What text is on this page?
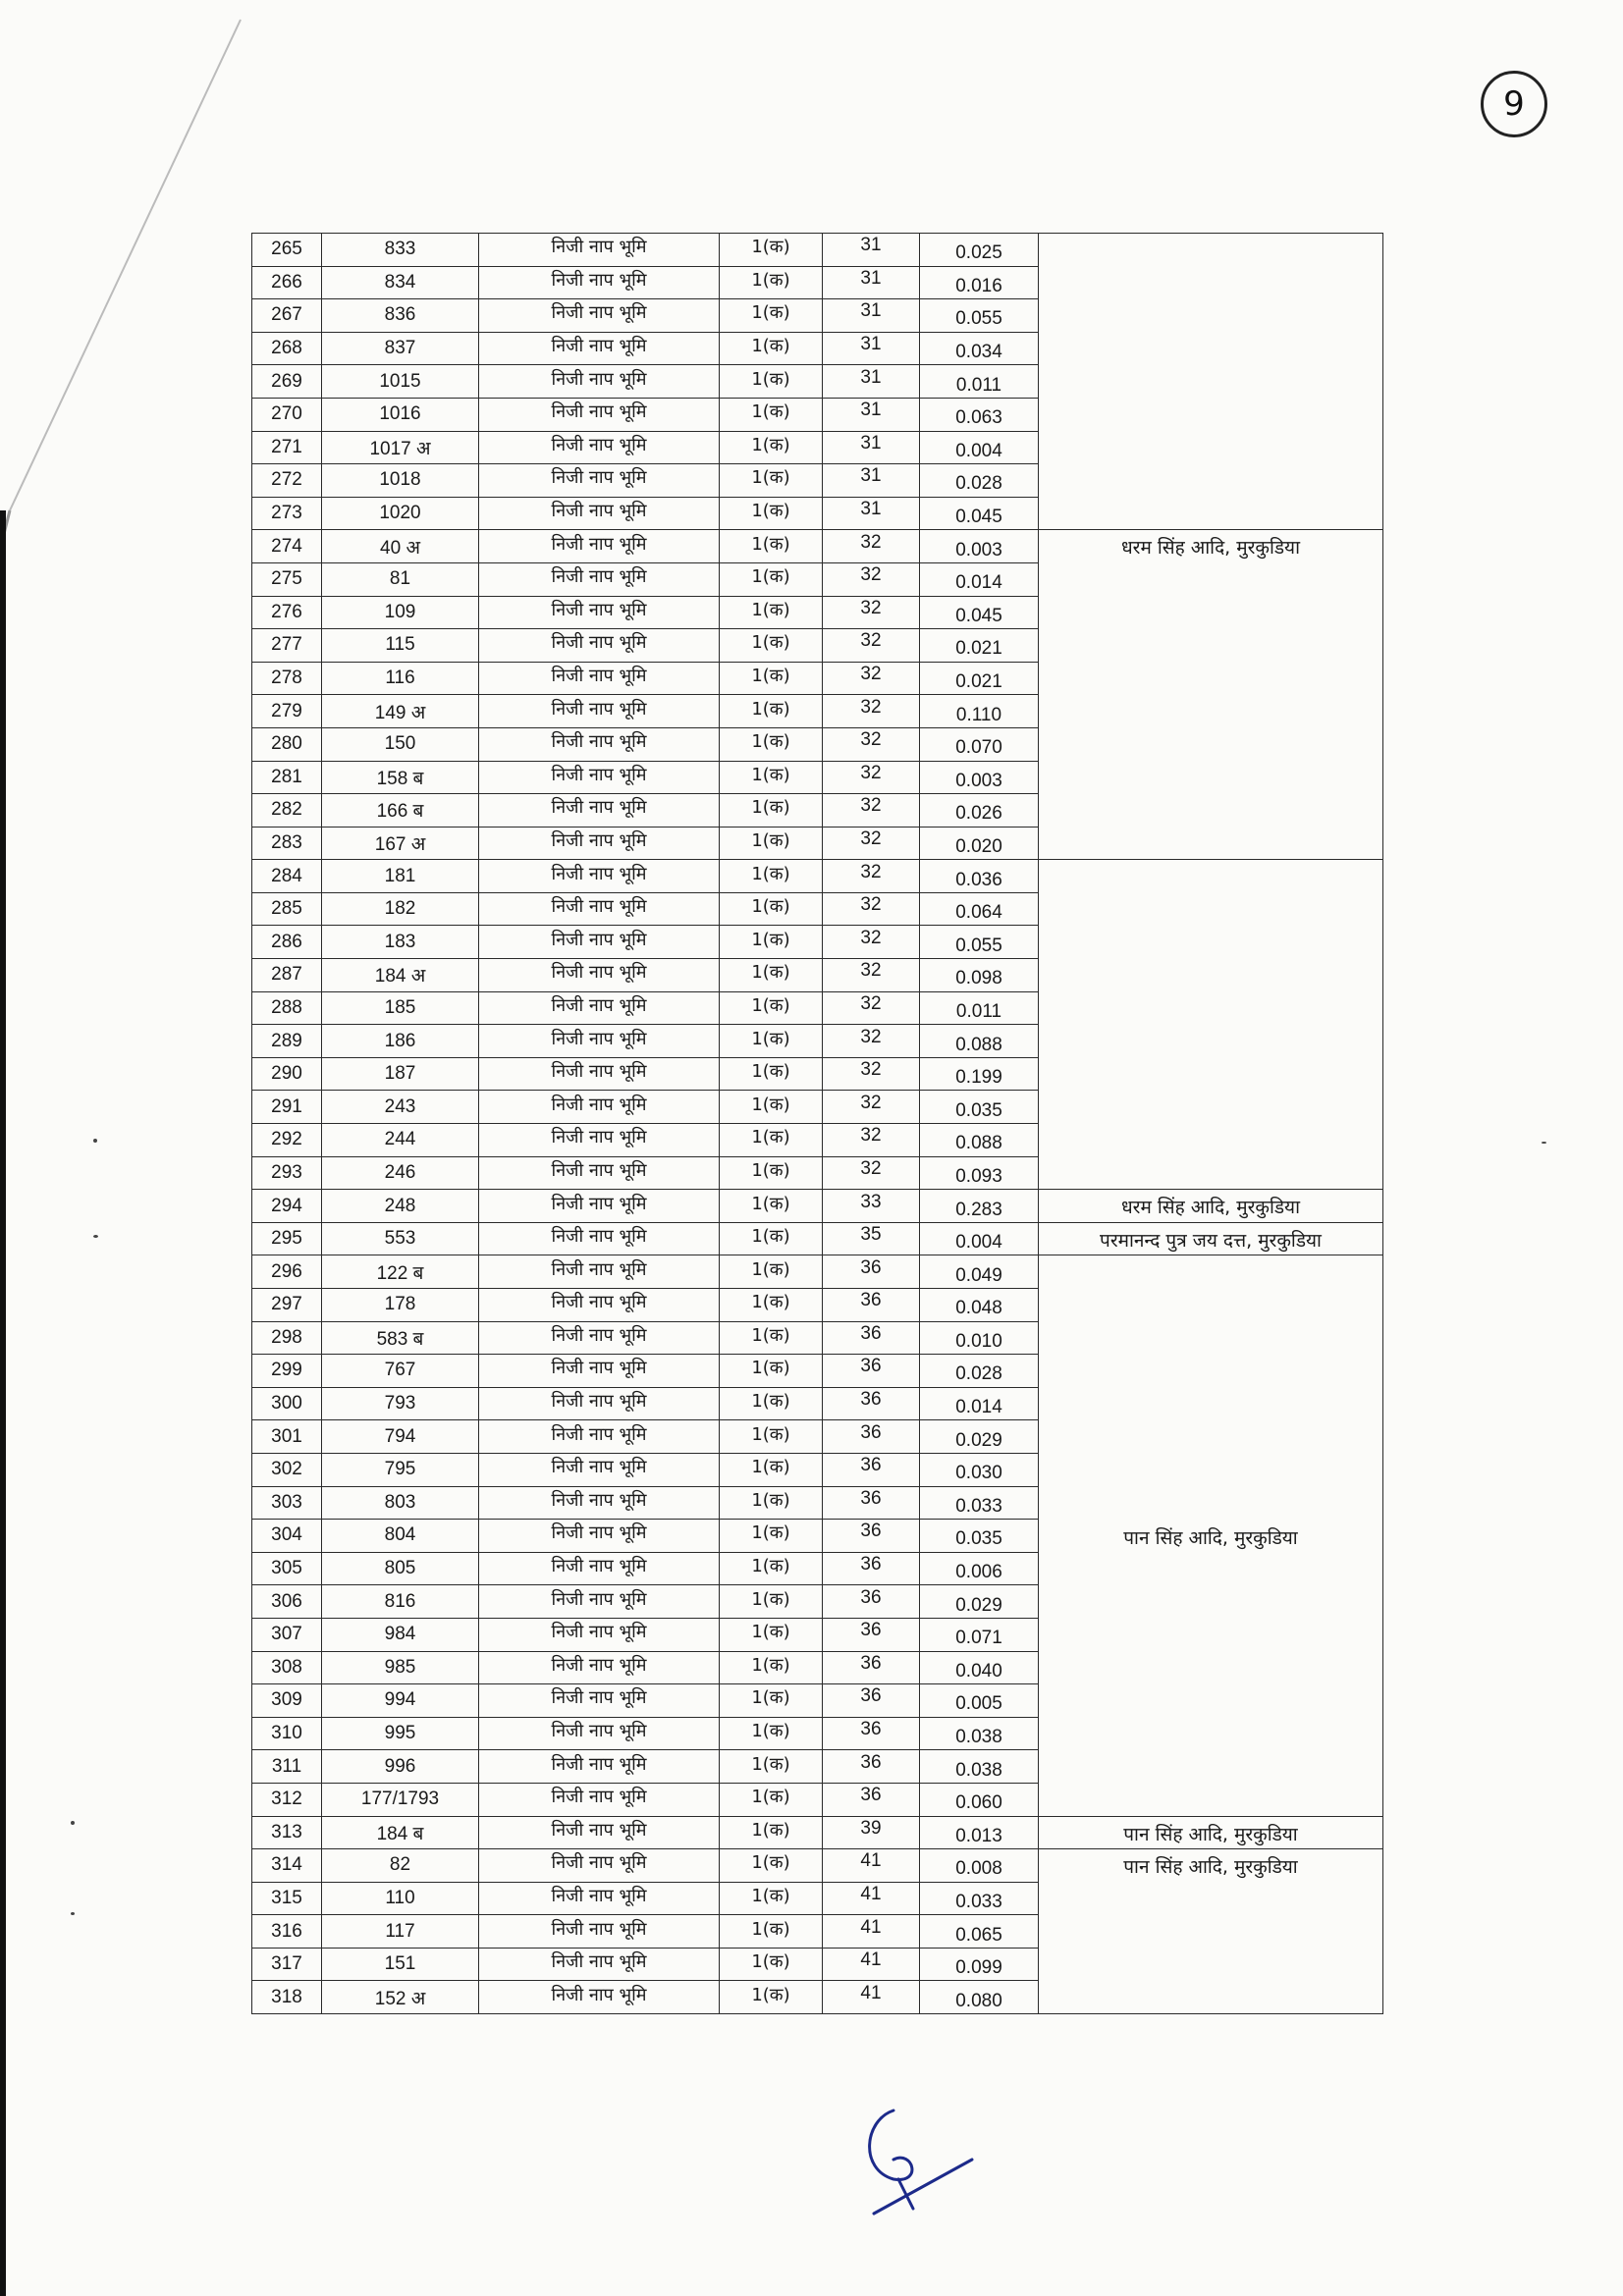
9
265	833	निजी नाप भूमि	1(क)	31	0.025	
266	834	निजी नाप भूमि	1(क)	31	0.016	
267	836	निजी नाप भूमि	1(क)	31	0.055	
268	837	निजी नाप भूमि	1(क)	31	0.034	
269	1015	निजी नाप भूमि	1(क)	31	0.011	
270	1016	निजी नाप भूमि	1(क)	31	0.063	
271	1017 अ	निजी नाप भूमि	1(क)	31	0.004	
272	1018	निजी नाप भूमि	1(क)	31	0.028	
273	1020	निजी नाप भूमि	1(क)	31	0.045	
274	40 अ	निजी नाप भूमि	1(क)	32	0.003	धरम सिंह आदि, मुरकुडिया
275	81	निजी नाप भूमि	1(क)	32	0.014	
276	109	निजी नाप भूमि	1(क)	32	0.045	
277	115	निजी नाप भूमि	1(क)	32	0.021	
278	116	निजी नाप भूमि	1(क)	32	0.021	
279	149 अ	निजी नाप भूमि	1(क)	32	0.110	
280	150	निजी नाप भूमि	1(क)	32	0.070	
281	158 ब	निजी नाप भूमि	1(क)	32	0.003	
282	166 ब	निजी नाप भूमि	1(क)	32	0.026	
283	167 अ	निजी नाप भूमि	1(क)	32	0.020	
284	181	निजी नाप भूमि	1(क)	32	0.036	
285	182	निजी नाप भूमि	1(क)	32	0.064	
286	183	निजी नाप भूमि	1(क)	32	0.055	
287	184 अ	निजी नाप भूमि	1(क)	32	0.098	
288	185	निजी नाप भूमि	1(क)	32	0.011	
289	186	निजी नाप भूमि	1(क)	32	0.088	
290	187	निजी नाप भूमि	1(क)	32	0.199	
291	243	निजी नाप भूमि	1(क)	32	0.035	
292	244	निजी नाप भूमि	1(क)	32	0.088	
293	246	निजी नाप भूमि	1(क)	32	0.093	
294	248	निजी नाप भूमि	1(क)	33	0.283	धरम सिंह आदि, मुरकुडिया
295	553	निजी नाप भूमि	1(क)	35	0.004	परमानन्द पुत्र जय दत्त, मुरकुडिया
296	122 ब	निजी नाप भूमि	1(क)	36	0.049	पान सिंह आदि, मुरकुडिया
297	178	निजी नाप भूमि	1(क)	36	0.048	
298	583 ब	निजी नाप भूमि	1(क)	36	0.010	
299	767	निजी नाप भूमि	1(क)	36	0.028	
300	793	निजी नाप भूमि	1(क)	36	0.014	
301	794	निजी नाप भूमि	1(क)	36	0.029	
302	795	निजी नाप भूमि	1(क)	36	0.030	
303	803	निजी नाप भूमि	1(क)	36	0.033	
304	804	निजी नाप भूमि	1(क)	36	0.035	
305	805	निजी नाप भूमि	1(क)	36	0.006	
306	816	निजी नाप भूमि	1(क)	36	0.029	
307	984	निजी नाप भूमि	1(क)	36	0.071	
308	985	निजी नाप भूमि	1(क)	36	0.040	
309	994	निजी नाप भूमि	1(क)	36	0.005	
310	995	निजी नाप भूमि	1(क)	36	0.038	
311	996	निजी नाप भूमि	1(क)	36	0.038	
312	177/1793	निजी नाप भूमि	1(क)	36	0.060	
313	184 ब	निजी नाप भूमि	1(क)	39	0.013	पान सिंह आदि, मुरकुडिया
314	82	निजी नाप भूमि	1(क)	41	0.008	पान सिंह आदि, मुरकुडिया
315	110	निजी नाप भूमि	1(क)	41	0.033	
316	117	निजी नाप भूमि	1(क)	41	0.065	
317	151	निजी नाप भूमि	1(क)	41	0.099	
318	152 अ	निजी नाप भूमि	1(क)	41	0.080	
